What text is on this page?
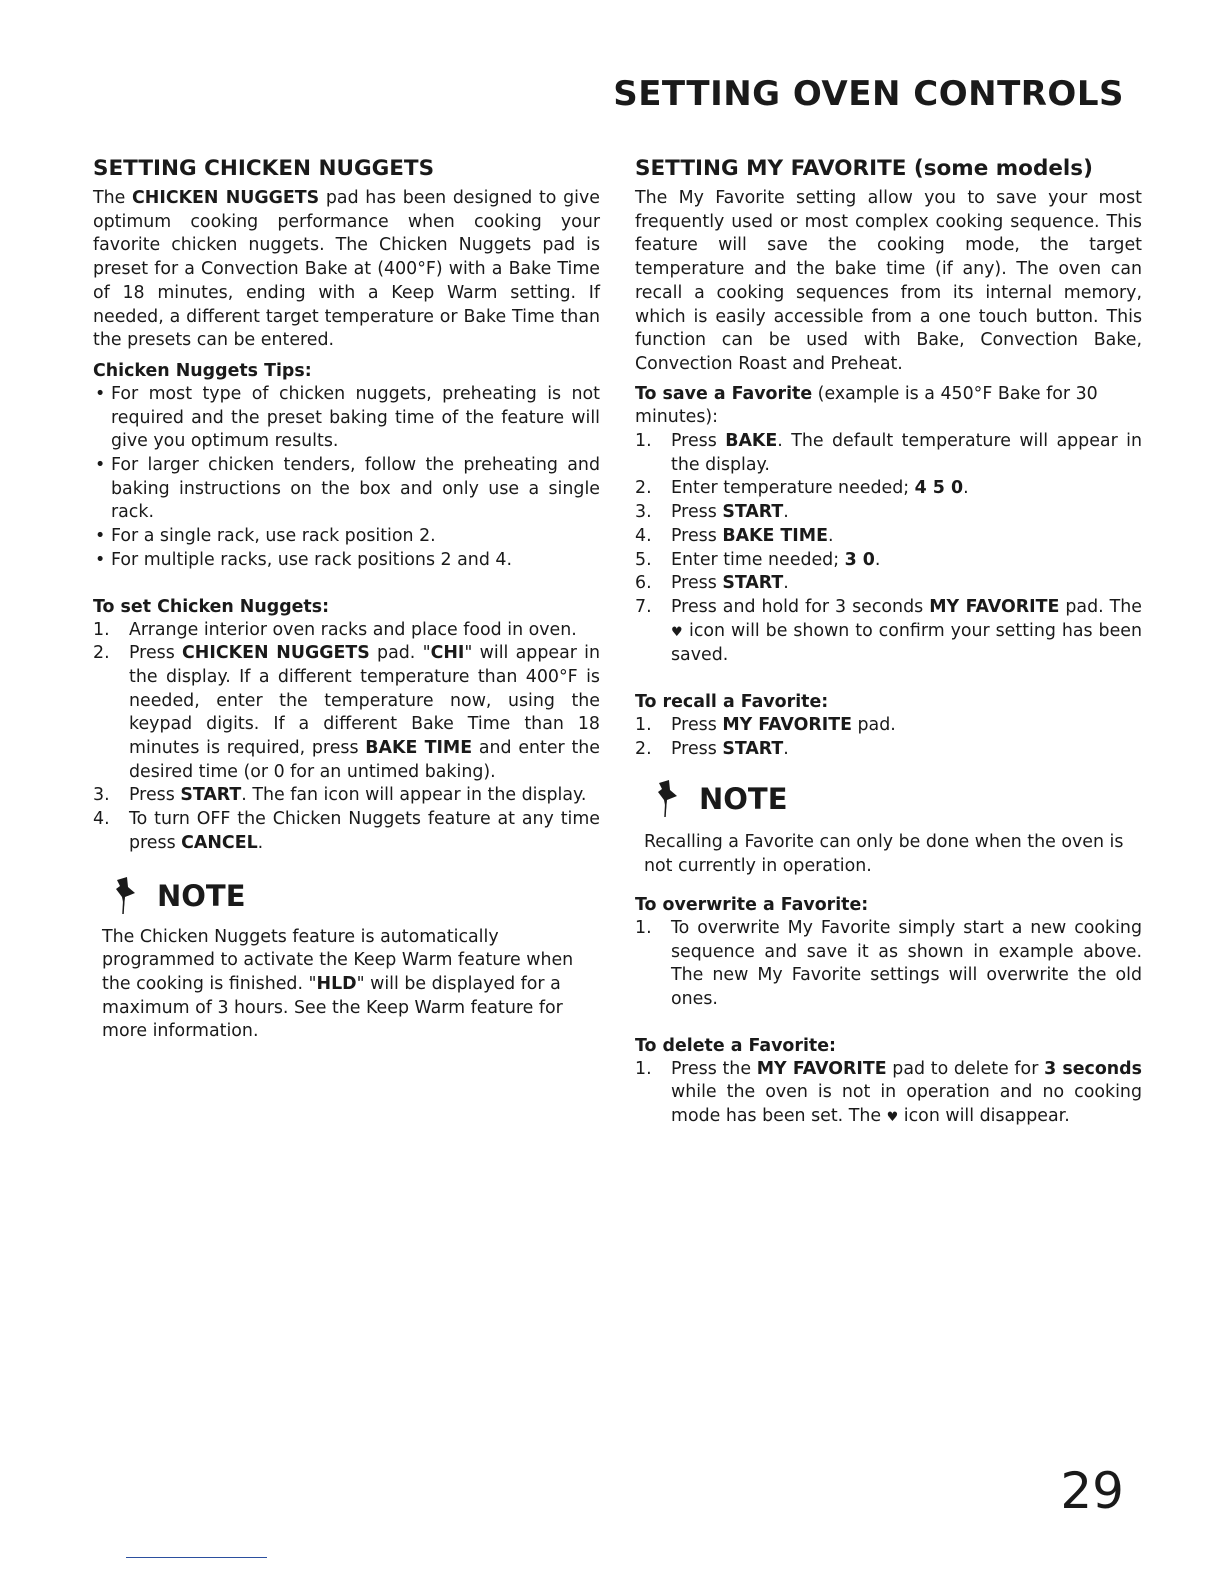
SETTING OVEN CONTROLS
SETTING CHICKEN NUGGETS

The CHICKEN NUGGETS pad has been designed to give optimum cooking performance when cooking your favorite chicken nuggets. The Chicken Nuggets pad is preset for a Convection Bake at (400°F) with a Bake Time of 18 minutes, ending with a Keep Warm setting. If needed, a different target temperature or Bake Time than the presets can be entered.

Chicken Nuggets Tips:
• For most type of chicken nuggets, preheating is not required and the preset baking time of the feature will give you optimum results.
• For larger chicken tenders, follow the preheating and baking instructions on the box and only use a single rack.
• For a single rack, use rack position 2.
• For multiple racks, use rack positions 2 and 4.
To set Chicken Nuggets:
1.	Arrange interior oven racks and place food in oven.
2.	Press CHICKEN NUGGETS pad. "CHI" will appear in the display. If a different temperature than 400°F is needed, enter the temperature now, using the keypad digits. If a different Bake Time than 18 minutes is required, press BAKE TIME and enter the desired time (or 0 for an untimed baking).
3.	Press START. The fan icon will appear in the display.
4.	To turn OFF the Chicken Nuggets feature at any time press CANCEL.
NOTE

The Chicken Nuggets feature is automatically programmed to activate the Keep Warm feature when the cooking is finished. "HLD" will be displayed for a maximum of 3 hours. See the Keep Warm feature for more information.

SETTING MY FAVORITE (some models)

The My Favorite setting allow you to save your most frequently used or most complex cooking sequence. This feature will save the cooking mode, the target temperature and the bake time (if any). The oven can recall a cooking sequences from its internal memory, which is easily accessible from a one touch button. This function can be used with Bake, Convection Bake, Convection Roast and Preheat.

To save a Favorite (example is a 450°F Bake for 30 minutes):

1.	Press BAKE. The default temperature will appear in the display.
2.	Enter temperature needed; 4 5 0.
3.	Press START.
4.	Press BAKE TIME.
5.	Enter time needed; 3 0.
6.	Press START.
7.	Press and hold for 3 seconds MY FAVORITE pad. The ♥ icon will be shown to confirm your setting has been saved.
To recall a Favorite:
1.	Press MY FAVORITE pad.
2.	Press START.
NOTE

Recalling a Favorite can only be done when the oven is not currently in operation.

To overwrite a Favorite:
1.	To overwrite My Favorite simply start a new cooking sequence and save it as shown in example above. The new My Favorite settings will overwrite the old ones.
To delete a Favorite:
1.	Press the MY FAVORITE pad to delete for 3 seconds while the oven is not in operation and no cooking mode has been set. The ♥ icon will disappear.
29
